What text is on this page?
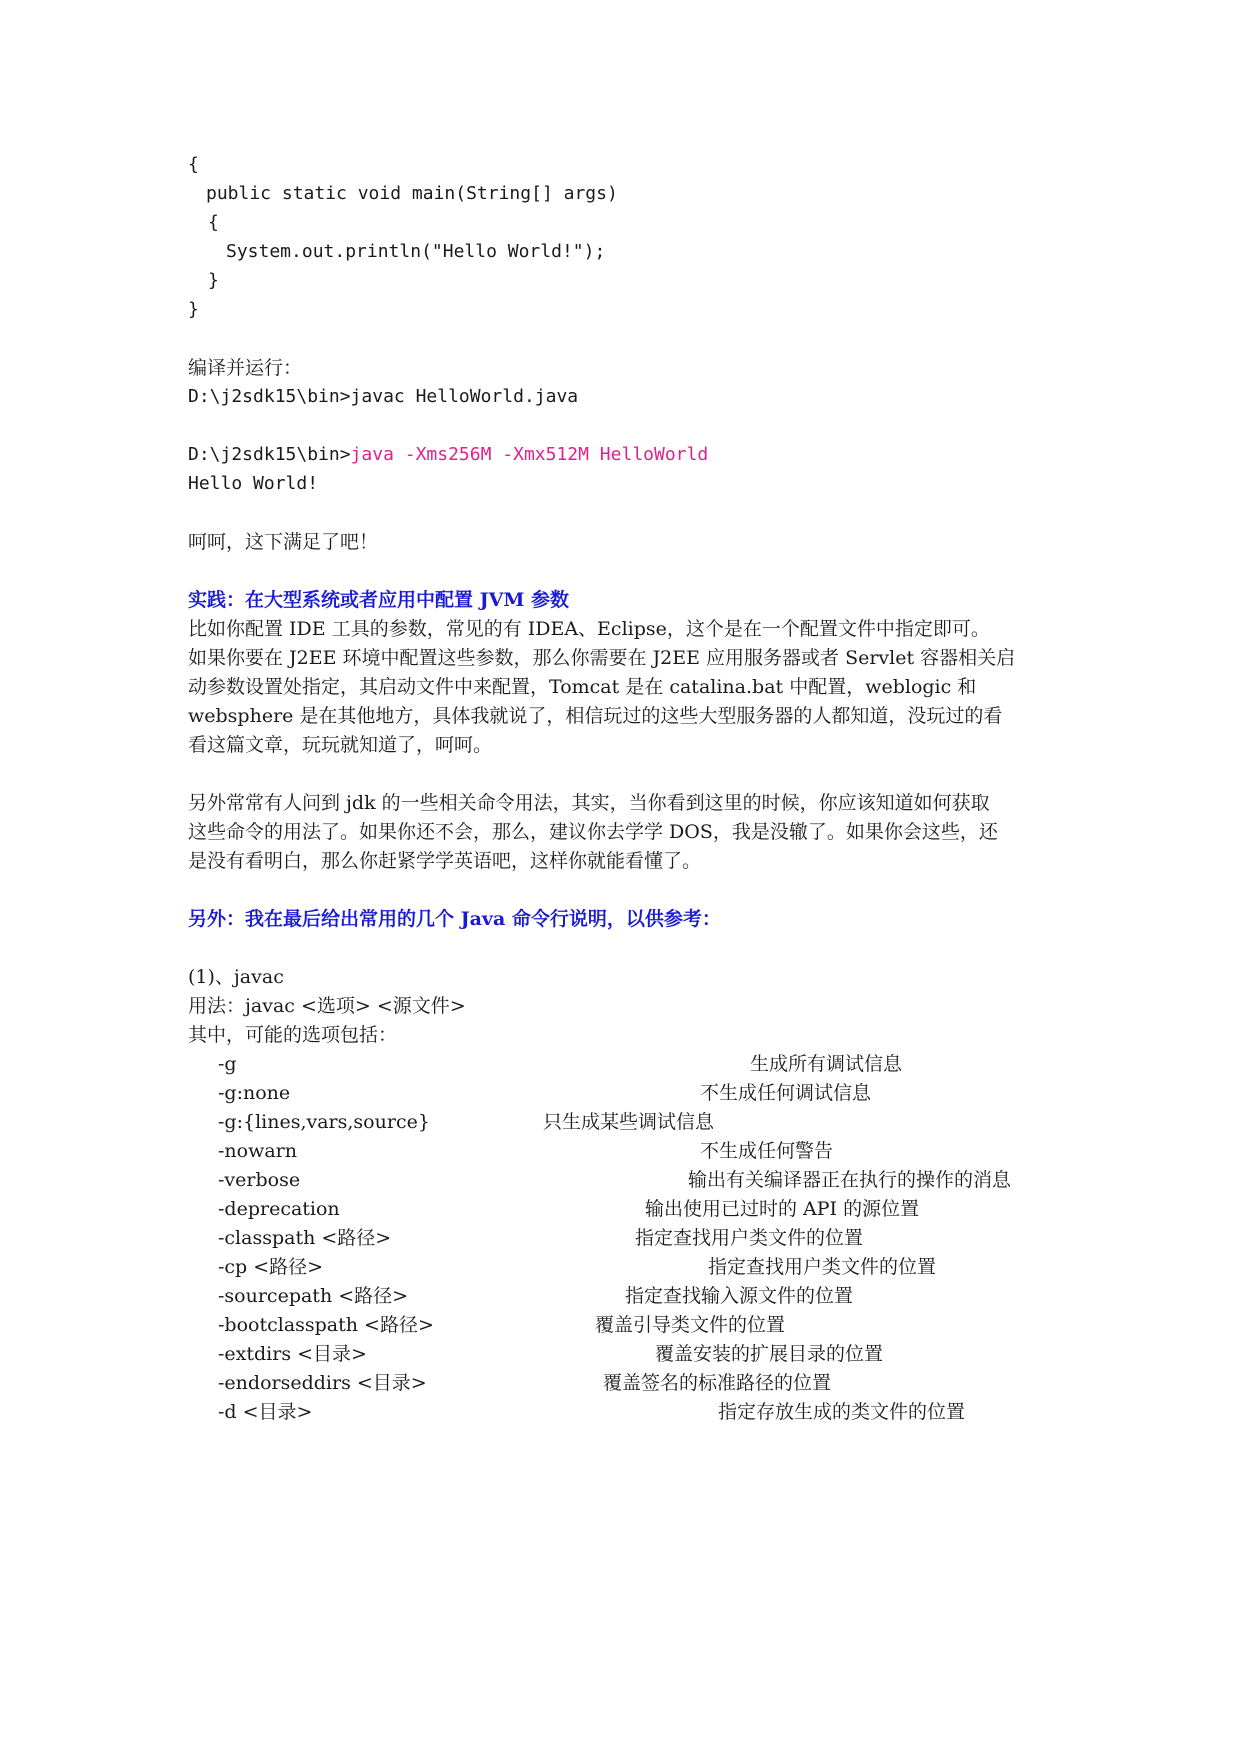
{
public static void main(String[] args)
{
System.out.println("Hello World!");
}
}
编译并运行：
D:\j2sdk15\bin>javac HelloWorld.java
D:\j2sdk15\bin>java -Xms256M -Xmx512M HelloWorld
Hello World!
呵呵，这下满足了吧！
实践：在大型系统或者应用中配置 JVM 参数
比如你配置 IDE 工具的参数，常见的有 IDEA、Eclipse，这个是在一个配置文件中指定即可。
如果你要在 J2EE 环境中配置这些参数，那么你需要在 J2EE 应用服务器或者 Servlet 容器相关启
动参数设置处指定，其启动文件中来配置，Tomcat 是在 catalina.bat 中配置，weblogic 和
websphere 是在其他地方，具体我就说了，相信玩过的这些大型服务器的人都知道，没玩过的看
看这篇文章，玩玩就知道了，呵呵。
另外常常有人问到 jdk 的一些相关命令用法，其实，当你看到这里的时候，你应该知道如何获取
这些命令的用法了。如果你还不会，那么，建议你去学学 DOS，我是没辙了。如果你会这些，还
是没有看明白，那么你赶紧学学英语吧，这样你就能看懂了。
另外：我在最后给出常用的几个 Java 命令行说明，以供参考：
(1)、javac
用法：javac <选项> <源文件>
其中，可能的选项包括：
-g	生成所有调试信息
-g:none	不生成任何调试信息
-g:{lines,vars,source}	只生成某些调试信息
-nowarn	不生成任何警告
-verbose	输出有关编译器正在执行的操作的消息
-deprecation	输出使用已过时的 API 的源位置
-classpath <路径>	指定查找用户类文件的位置
-cp <路径>	指定查找用户类文件的位置
-sourcepath <路径>	指定查找输入源文件的位置
-bootclasspath <路径>	覆盖引导类文件的位置
-extdirs <目录>	覆盖安装的扩展目录的位置
-endorseddirs <目录>	覆盖签名的标准路径的位置
-d <目录>	指定存放生成的类文件的位置
